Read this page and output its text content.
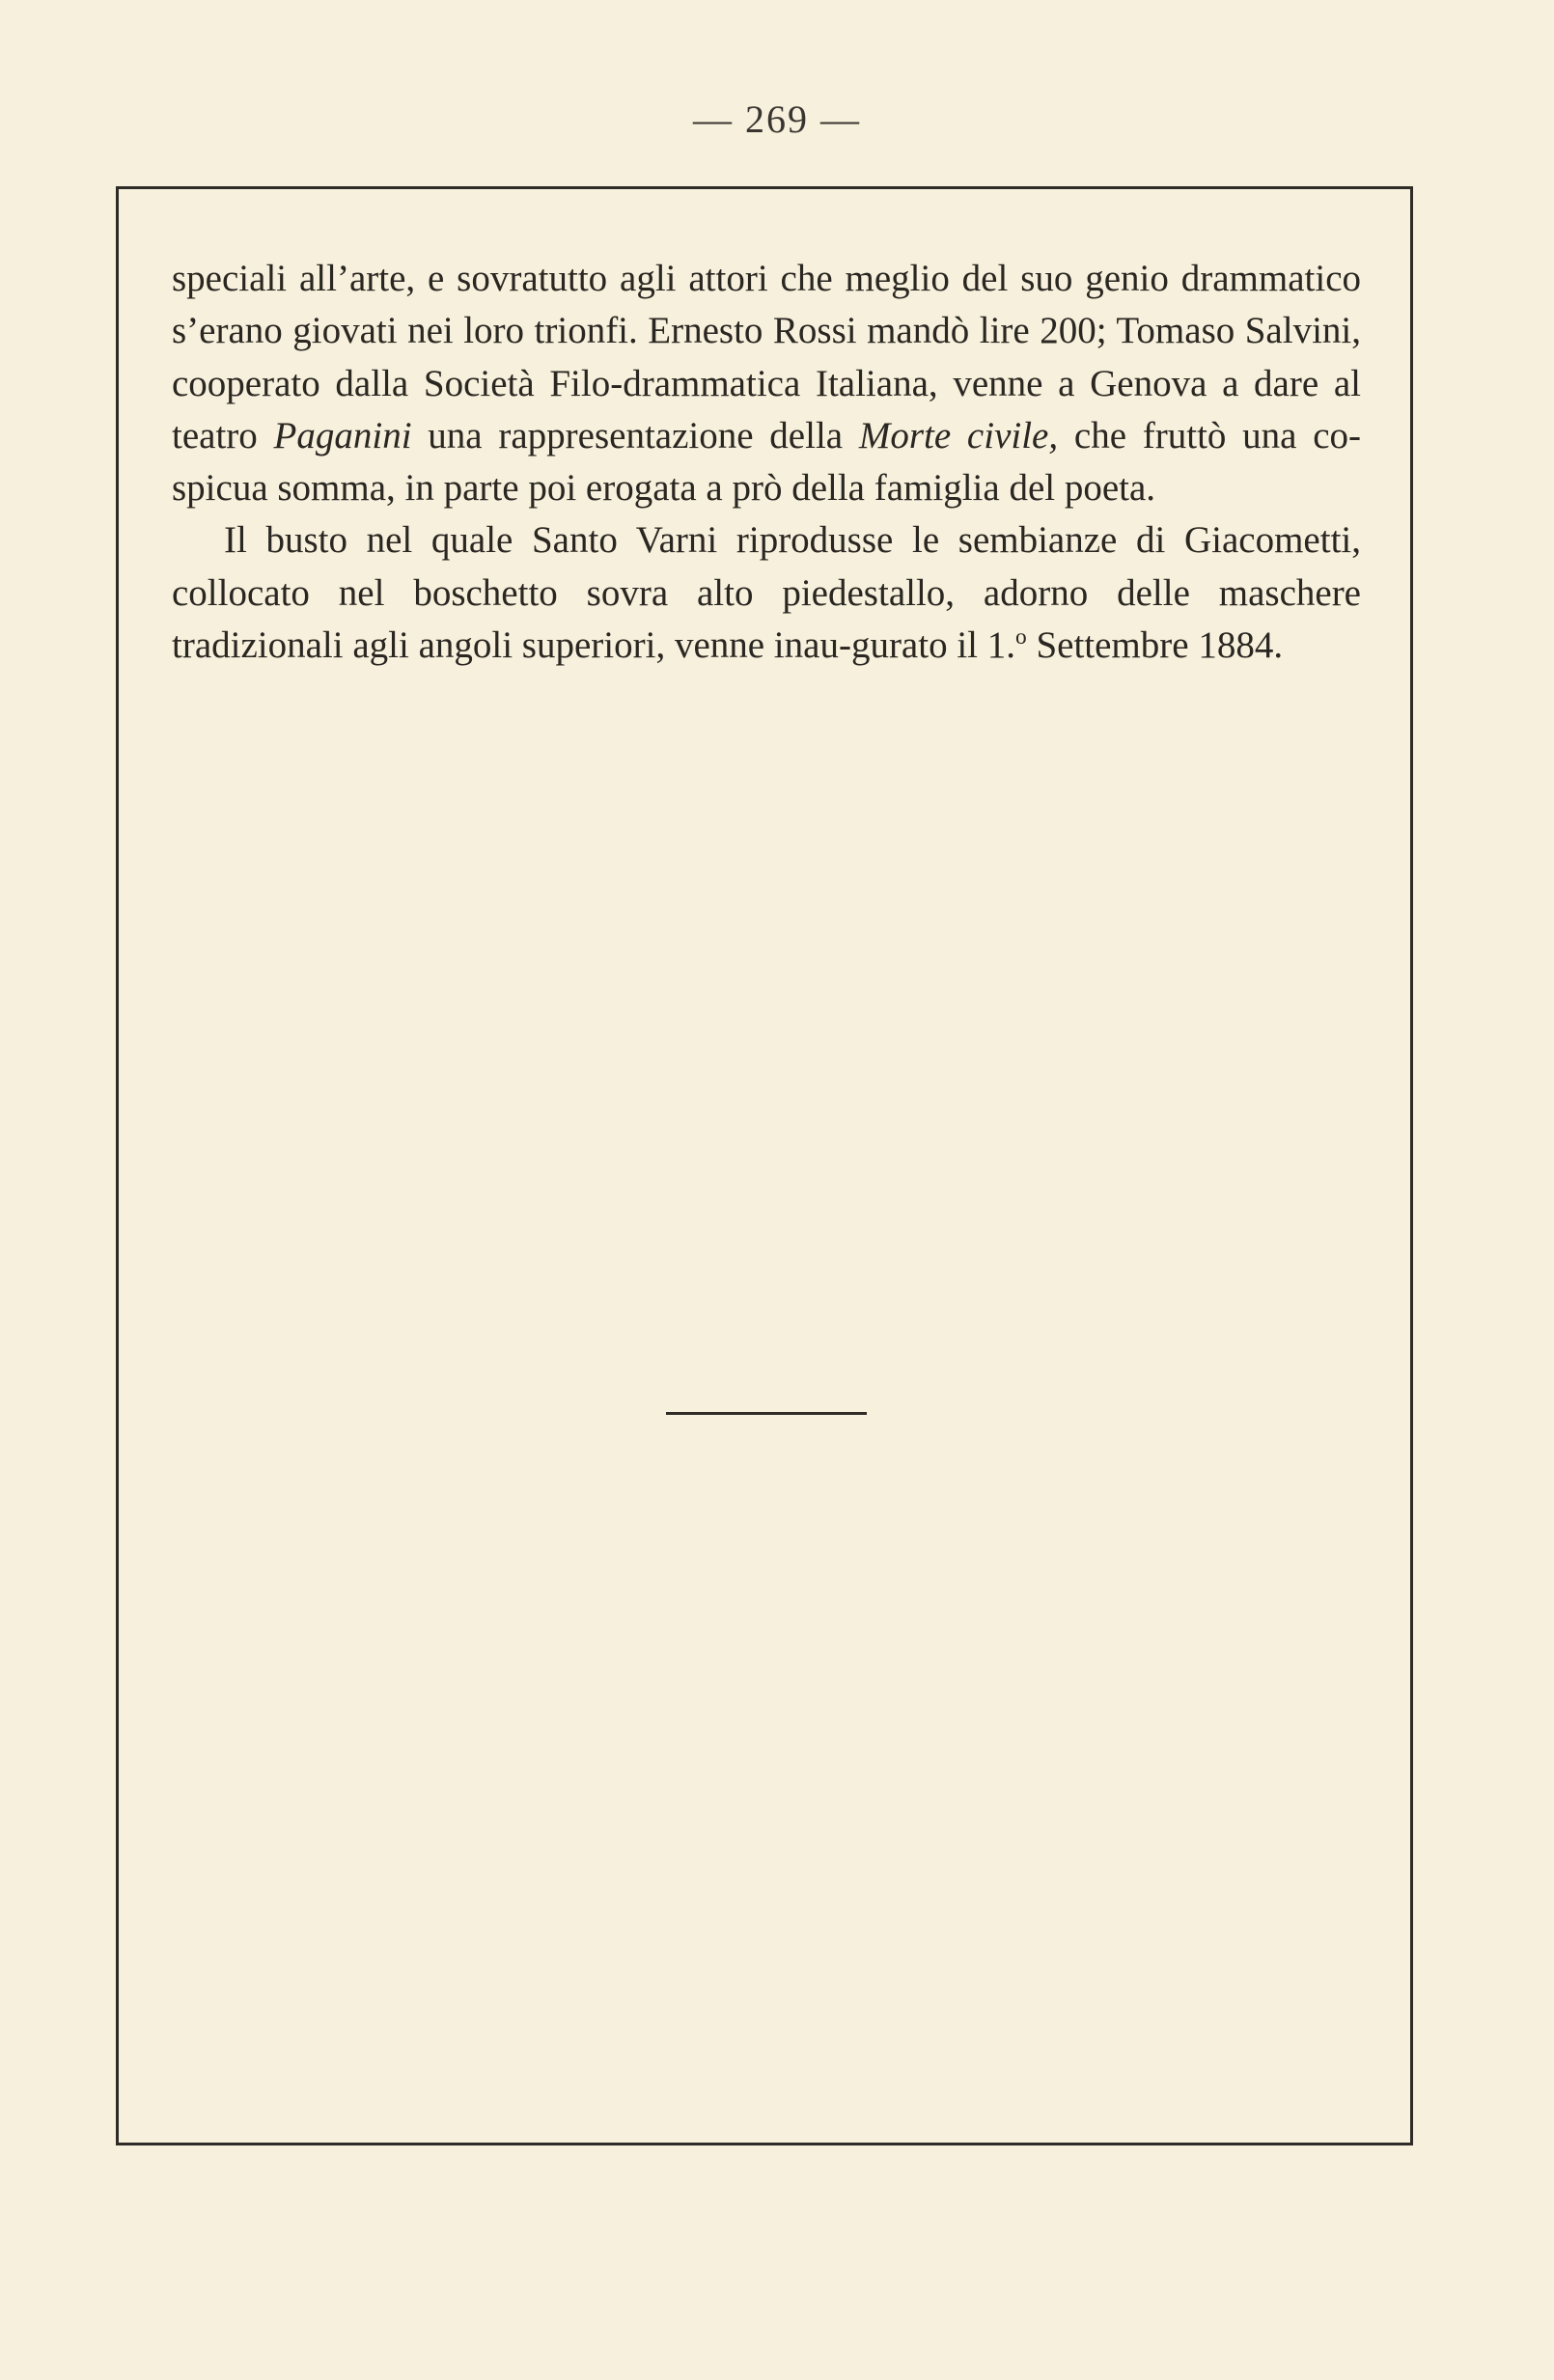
— 269 —

speciali all’arte, e sovratutto agli attori che meglio del suo genio drammatico s’erano giovati nei loro trionfi. Ernesto Rossi mandò lire 200; Tomaso Salvini, cooperato dalla Società Filo-drammatica Italiana, venne a Genova a dare al teatro Paganini una rappresentazione della Morte civile, che fruttò una co-spicua somma, in parte poi erogata a prò della famiglia del poeta.

Il busto nel quale Santo Varni riprodusse le sembianze di Giacometti, collocato nel boschetto sovra alto piedestallo, adorno delle maschere tradizionali agli angoli superiori, venne inau-gurato il 1.$^o$ Settembre 1884.
